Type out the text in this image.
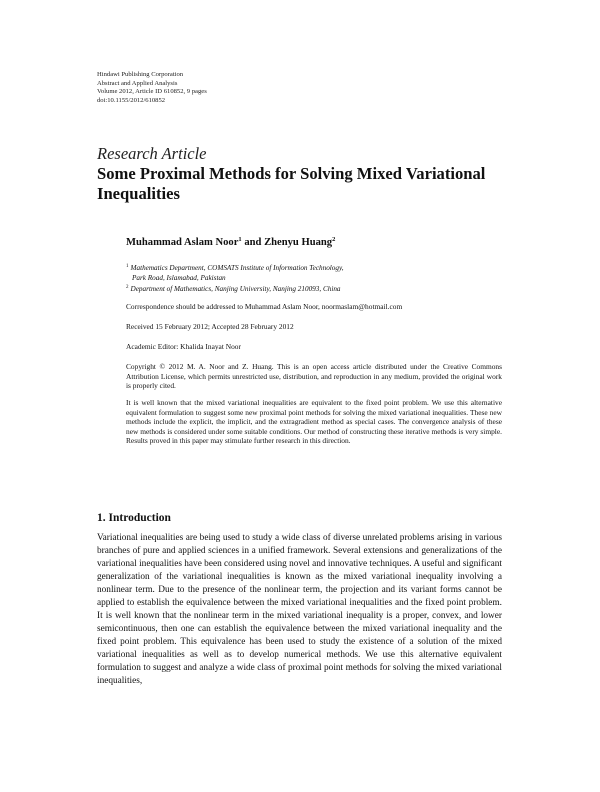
Hindawi Publishing Corporation
Abstract and Applied Analysis
Volume 2012, Article ID 610852, 9 pages
doi:10.1155/2012/610852
Research Article
Some Proximal Methods for Solving Mixed Variational Inequalities
Muhammad Aslam Noor$^1$ and Zhenyu Huang$^2$
$^1$ Mathematics Department, COMSATS Institute of Information Technology,
Park Road, Islamabad, Pakistan
$^2$ Department of Mathematics, Nanjing University, Nanjing 210093, China
Correspondence should be addressed to Muhammad Aslam Noor, noormaslam@hotmail.com
Received 15 February 2012; Accepted 28 February 2012
Academic Editor: Khalida Inayat Noor
Copyright © 2012 M. A. Noor and Z. Huang. This is an open access article distributed under the Creative Commons Attribution License, which permits unrestricted use, distribution, and reproduction in any medium, provided the original work is properly cited.
It is well known that the mixed variational inequalities are equivalent to the fixed point problem. We use this alternative equivalent formulation to suggest some new proximal point methods for solving the mixed variational inequalities. These new methods include the explicit, the implicit, and the extragradient method as special cases. The convergence analysis of these new methods is considered under some suitable conditions. Our method of constructing these iterative methods is very simple. Results proved in this paper may stimulate further research in this direction.
1. Introduction
Variational inequalities are being used to study a wide class of diverse unrelated problems arising in various branches of pure and applied sciences in a unified framework. Several extensions and generalizations of the variational inequalities have been considered using novel and innovative techniques. A useful and significant generalization of the variational inequalities is known as the mixed variational inequality involving a nonlinear term. Due to the presence of the nonlinear term, the projection and its variant forms cannot be applied to establish the equivalence between the mixed variational inequalities and the fixed point problem. It is well known that the nonlinear term in the mixed variational inequality is a proper, convex, and lower semicontinuous, then one can establish the equivalence between the mixed variational inequality and the fixed point problem. This equivalence has been used to study the existence of a solution of the mixed variational inequalities as well as to develop numerical methods. We use this alternative equivalent formulation to suggest and analyze a wide class of proximal point methods for solving the mixed variational inequalities,
